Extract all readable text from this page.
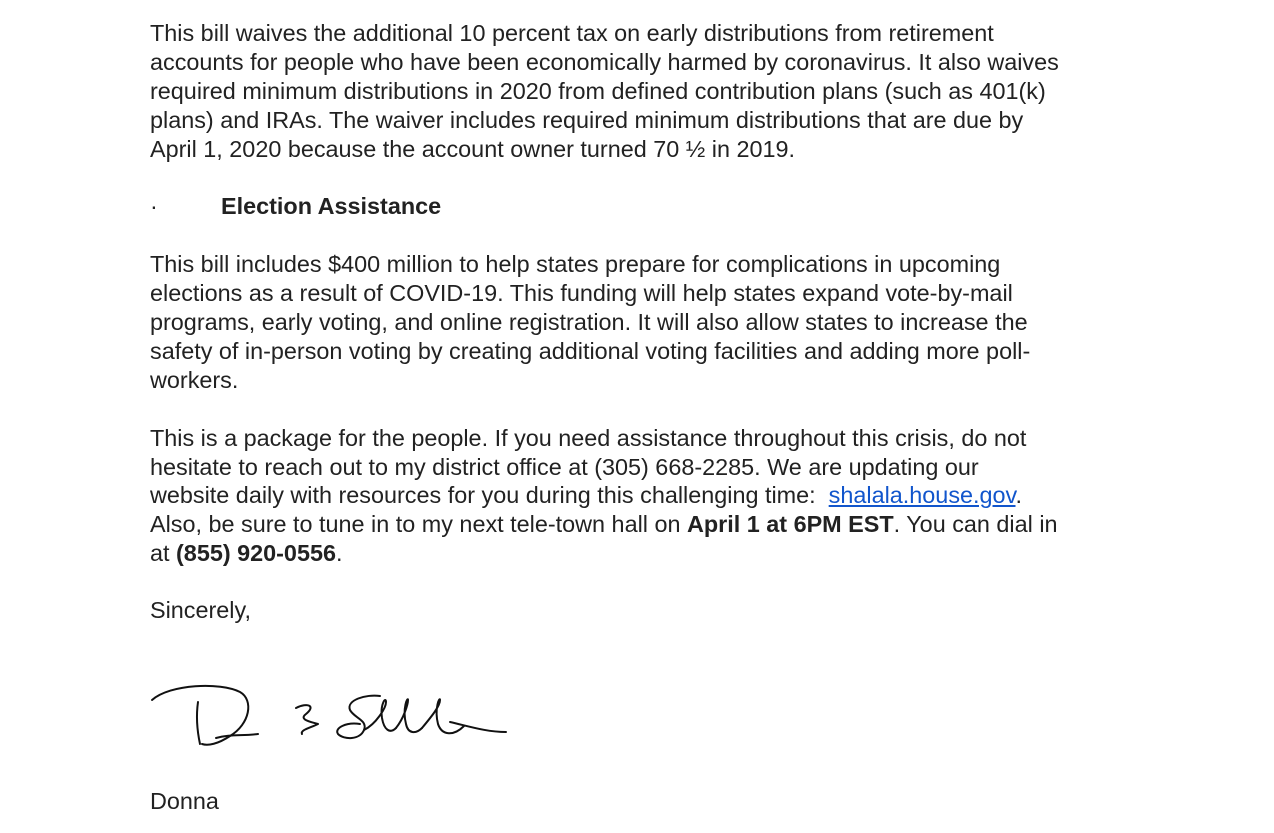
This bill waives the additional 10 percent tax on early distributions from retirement
accounts for people who have been economically harmed by coronavirus. It also waives
required minimum distributions in 2020 from defined contribution plans (such as 401(k)
plans) and IRAs. The waiver includes required minimum distributions that are due by
April 1, 2020 because the account owner turned 70 ½ in 2019.

·	Election Assistance

This bill includes $400 million to help states prepare for complications in upcoming
elections as a result of COVID-19. This funding will help states expand vote-by-mail
programs, early voting, and online registration. It will also allow states to increase the
safety of in-person voting by creating additional voting facilities and adding more poll-
workers.

This is a package for the people. If you need assistance throughout this crisis, do not
hesitate to reach out to my district office at (305) 668-2285. We are updating our
website daily with resources for you during this challenging time:  shalala.house.gov.
Also, be sure to tune in to my next tele-town hall on April 1 at 6PM EST. You can dial in
at (855) 920-0556.

Sincerely,
Donna
